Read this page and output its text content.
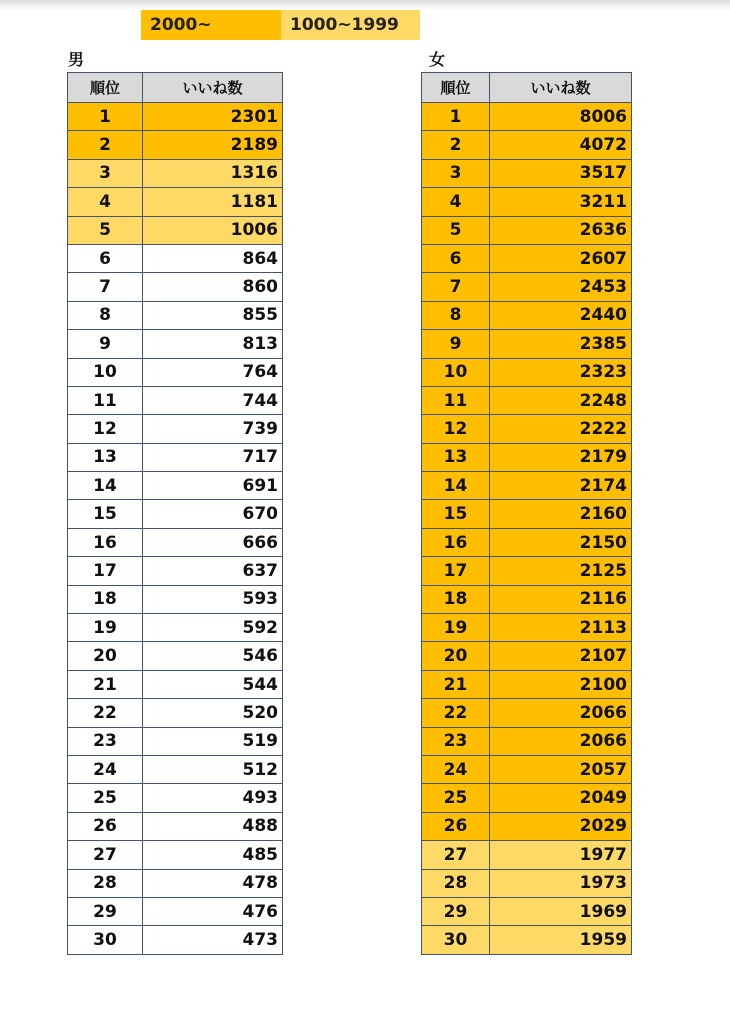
2000~	1000~1999
男	女
順位	いいね数
1	2301
2	2189
3	1316
4	1181
5	1006
6	864
7	860
8	855
9	813
10	764
11	744
12	739
13	717
14	691
15	670
16	666
17	637
18	593
19	592
20	546
21	544
22	520
23	519
24	512
25	493
26	488
27	485
28	478
29	476
30	473
順位	いいね数
1	8006
2	4072
3	3517
4	3211
5	2636
6	2607
7	2453
8	2440
9	2385
10	2323
11	2248
12	2222
13	2179
14	2174
15	2160
16	2150
17	2125
18	2116
19	2113
20	2107
21	2100
22	2066
23	2066
24	2057
25	2049
26	2029
27	1977
28	1973
29	1969
30	1959
